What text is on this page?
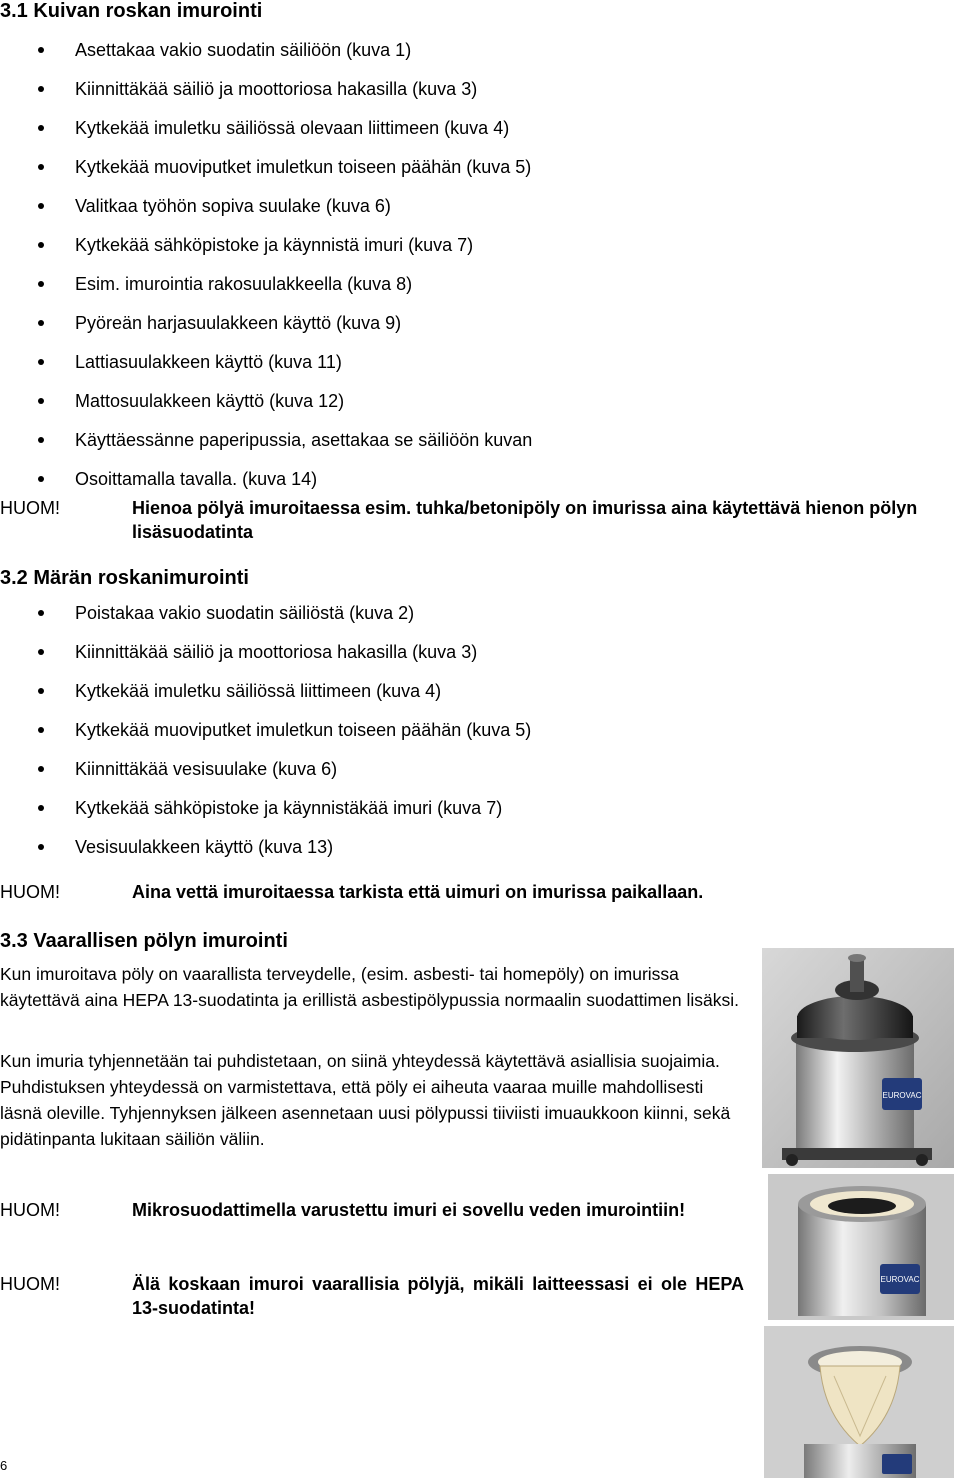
3.1 Kuivan roskan imurointi
Asettakaa vakio suodatin säiliöön (kuva 1)
Kiinnittäkää säiliö ja moottoriosa hakasilla (kuva 3)
Kytkekää imuletku säiliössä olevaan liittimeen (kuva 4)
Kytkekää muoviputket imuletkun toiseen päähän (kuva 5)
Valitkaa työhön sopiva suulake (kuva 6)
Kytkekää sähköpistoke ja käynnistä imuri (kuva 7)
Esim. imurointia rakosuulakkeella (kuva 8)
Pyöreän harjasuulakkeen käyttö (kuva 9)
Lattiasuulakkeen käyttö (kuva 11)
Mattosuulakkeen käyttö (kuva 12)
Käyttäessänne paperipussia, asettakaa se säiliöön kuvan
Osoittamalla tavalla. (kuva 14)
HUOM!	Hienoa pölyä imuroitaessa esim. tuhka/betonipöly on imurissa aina käytettävä hienon pölyn lisäsuodatinta
3.2 Märän roskanimurointi
Poistakaa vakio suodatin säiliöstä (kuva 2)
Kiinnittäkää säiliö ja moottoriosa hakasilla (kuva 3)
Kytkekää imuletku säiliössä liittimeen (kuva 4)
Kytkekää muoviputket imuletkun toiseen päähän (kuva 5)
Kiinnittäkää vesisuulake (kuva 6)
Kytkekää sähköpistoke ja käynnistäkää imuri (kuva 7)
Vesisuulakkeen käyttö (kuva 13)
HUOM!	Aina vettä imuroitaessa tarkista että uimuri on imurissa paikallaan.
3.3 Vaarallisen pölyn imurointi

Kun imuroitava pöly on vaarallista terveydelle, (esim. asbesti- tai homepöly) on imurissa käytettävä aina HEPA 13-suodatinta ja erillistä asbestipölypussia normaalin suodattimen lisäksi.

Kun imuria tyhjennetään tai puhdistetaan, on siinä yhteydessä käytettävä asiallisia suojaimia. Puhdistuksen yhteydessä on varmistettava, että pöly ei aiheuta vaaraa muille mahdollisesti läsnä oleville. Tyhjennyksen jälkeen asennetaan uusi pölypussi tiiviisti imuaukkoon kiinni, sekä pidätinpanta lukitaan säiliön väliin.

HUOM!	Mikrosuodattimella varustettu imuri ei sovellu veden imurointiin!
HUOM!	Älä koskaan imuroi vaarallisia pölyjä, mikäli laitteessasi ei ole HEPA 13-suodatinta!
EUROVAC
EUROVAC
6
